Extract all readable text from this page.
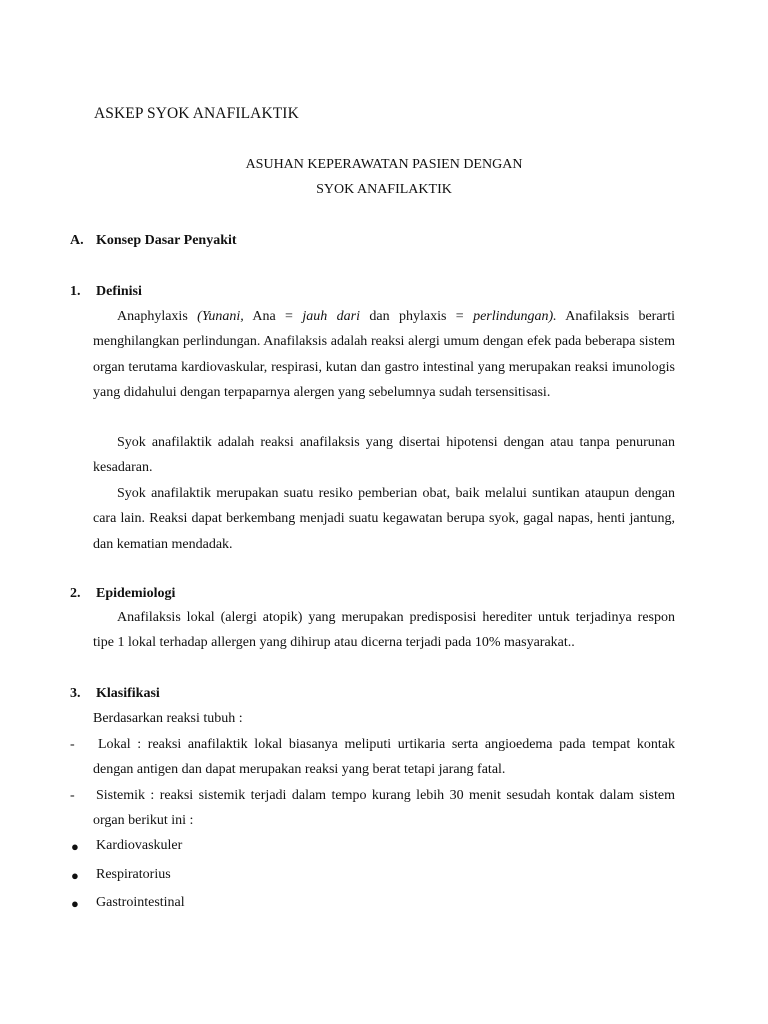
ASKEP SYOK ANAFILAKTIK
ASUHAN KEPERAWATAN PASIEN DENGAN
SYOK ANAFILAKTIK
A. Konsep Dasar Penyakit
1. Definisi
Anaphylaxis (Yunani, Ana = jauh dari dan phylaxis = perlindungan). Anafilaksis berarti menghilangkan perlindungan. Anafilaksis adalah reaksi alergi umum dengan efek pada beberapa sistem organ terutama kardiovaskular, respirasi, kutan dan gastro intestinal yang merupakan reaksi imunologis yang didahului dengan terpaparnya alergen yang sebelumnya sudah tersensitisasi.
Syok anafilaktik adalah reaksi anafilaksis yang disertai hipotensi dengan atau tanpa penurunan kesadaran.
Syok anafilaktik merupakan suatu resiko pemberian obat, baik melalui suntikan ataupun dengan cara lain. Reaksi dapat berkembang menjadi suatu kegawatan berupa syok, gagal napas, henti jantung, dan kematian mendadak.
2. Epidemiologi
Anafilaksis lokal (alergi atopik) yang merupakan predisposisi herediter untuk terjadinya respon tipe 1 lokal terhadap allergen yang dihirup atau dicerna terjadi pada 10% masyarakat..
3. Klasifikasi
Berdasarkan reaksi tubuh :
-	Lokal : reaksi anafilaktik lokal biasanya meliputi urtikaria serta angioedema pada tempat kontak dengan antigen dan dapat merupakan reaksi yang berat tetapi jarang fatal.
- Sistemik : reaksi sistemik terjadi dalam tempo kurang lebih 30 menit sesudah kontak dalam sistem organ berikut ini :
● Kardiovaskuler
● Respiratorius
● Gastrointestinal
